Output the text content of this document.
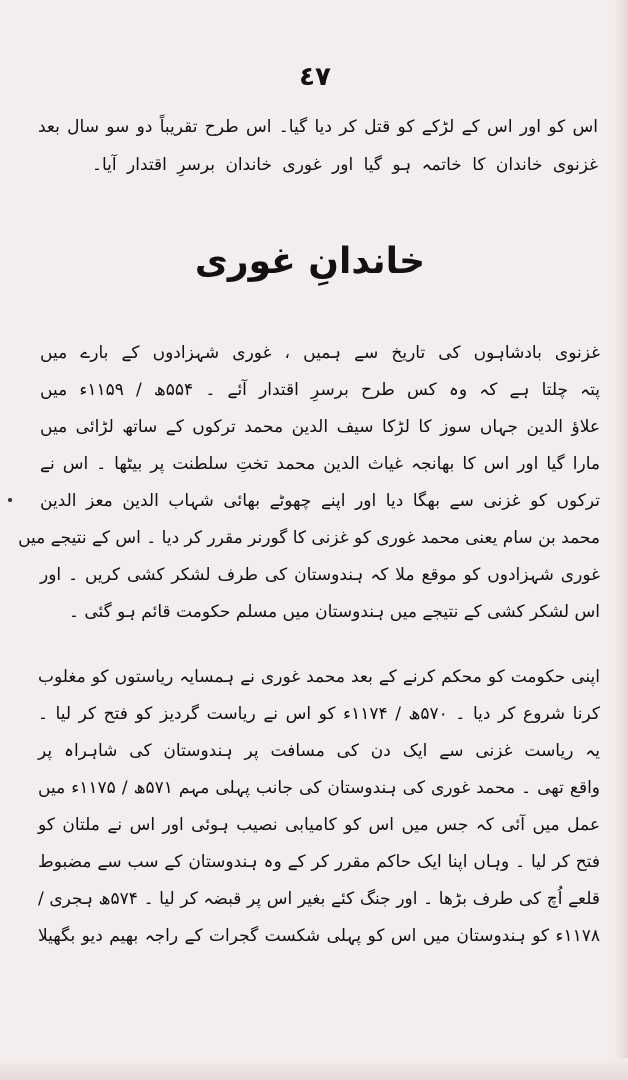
٤٧
اس کو اور اس کے لڑکے کو قتل کر دیا گیا۔ اس طرح تقریباً دو سو سال بعد
غزنوی خاندان کا خاتمہ ہو گیا اور غوری خاندان برسرِ اقتدار آیا۔
خاندانِ غوری
غزنوی بادشاہوں کی تاریخ سے ہمیں ، غوری شہزادوں کے بارے میں
پتہ چلتا ہے کہ وہ کس طرح برسرِ اقتدار آئے ۔ ۵۵۴ھ / ۱۱۵۹ء میں
علاؤ الدین جہاں سوز کا لڑکا سیف الدین محمد ترکوں کے ساتھ لڑائی میں
مارا گیا اور اس کا بھانجہ غیاث الدین محمد تختِ سلطنت پر بیٹھا ۔ اس نے
ترکوں کو غزنی سے بھگا دیا اور اپنے چھوٹے بھائی شہاب الدین معز الدین
محمد بن سام یعنی محمد غوری کو غزنی کا گورنر مقرر کر دیا ۔ اس کے نتیجے میں
غوری شہزادوں کو موقع ملا کہ ہندوستان کی طرف لشکر کشی کریں ۔ اور
اس لشکر کشی کے نتیجے میں ہندوستان میں مسلم حکومت قائم ہو گئی ۔
اپنی حکومت کو محکم کرنے کے بعد محمد غوری نے ہمسایہ ریاستوں کو مغلوب
کرنا شروع کر دیا ۔ ۵۷۰ھ / ۱۱۷۴ء کو اس نے ریاست گردیز کو فتح کر لیا ۔
یہ ریاست غزنی سے ایک دن کی مسافت پر ہندوستان کی شاہراہ پر
واقع تھی ۔ محمد غوری کی ہندوستان کی جانب پہلی مہم ۵۷۱ھ / ۱۱۷۵ء میں
عمل میں آئی کہ جس میں اس کو کامیابی نصیب ہوئی اور اس نے ملتان کو
فتح کر لیا ۔ وہاں اپنا ایک حاکم مقرر کر کے وہ ہندوستان کے سب سے مضبوط
قلعے اُچ کی طرف بڑھا ۔ اور جنگ کئے بغیر اس پر قبضہ کر لیا ۔ ۵۷۴ھ ہجری /
۱۱۷۸ء کو ہندوستان میں اس کو پہلی شکست گجرات کے راجہ بھیم دیو بگھیلا
